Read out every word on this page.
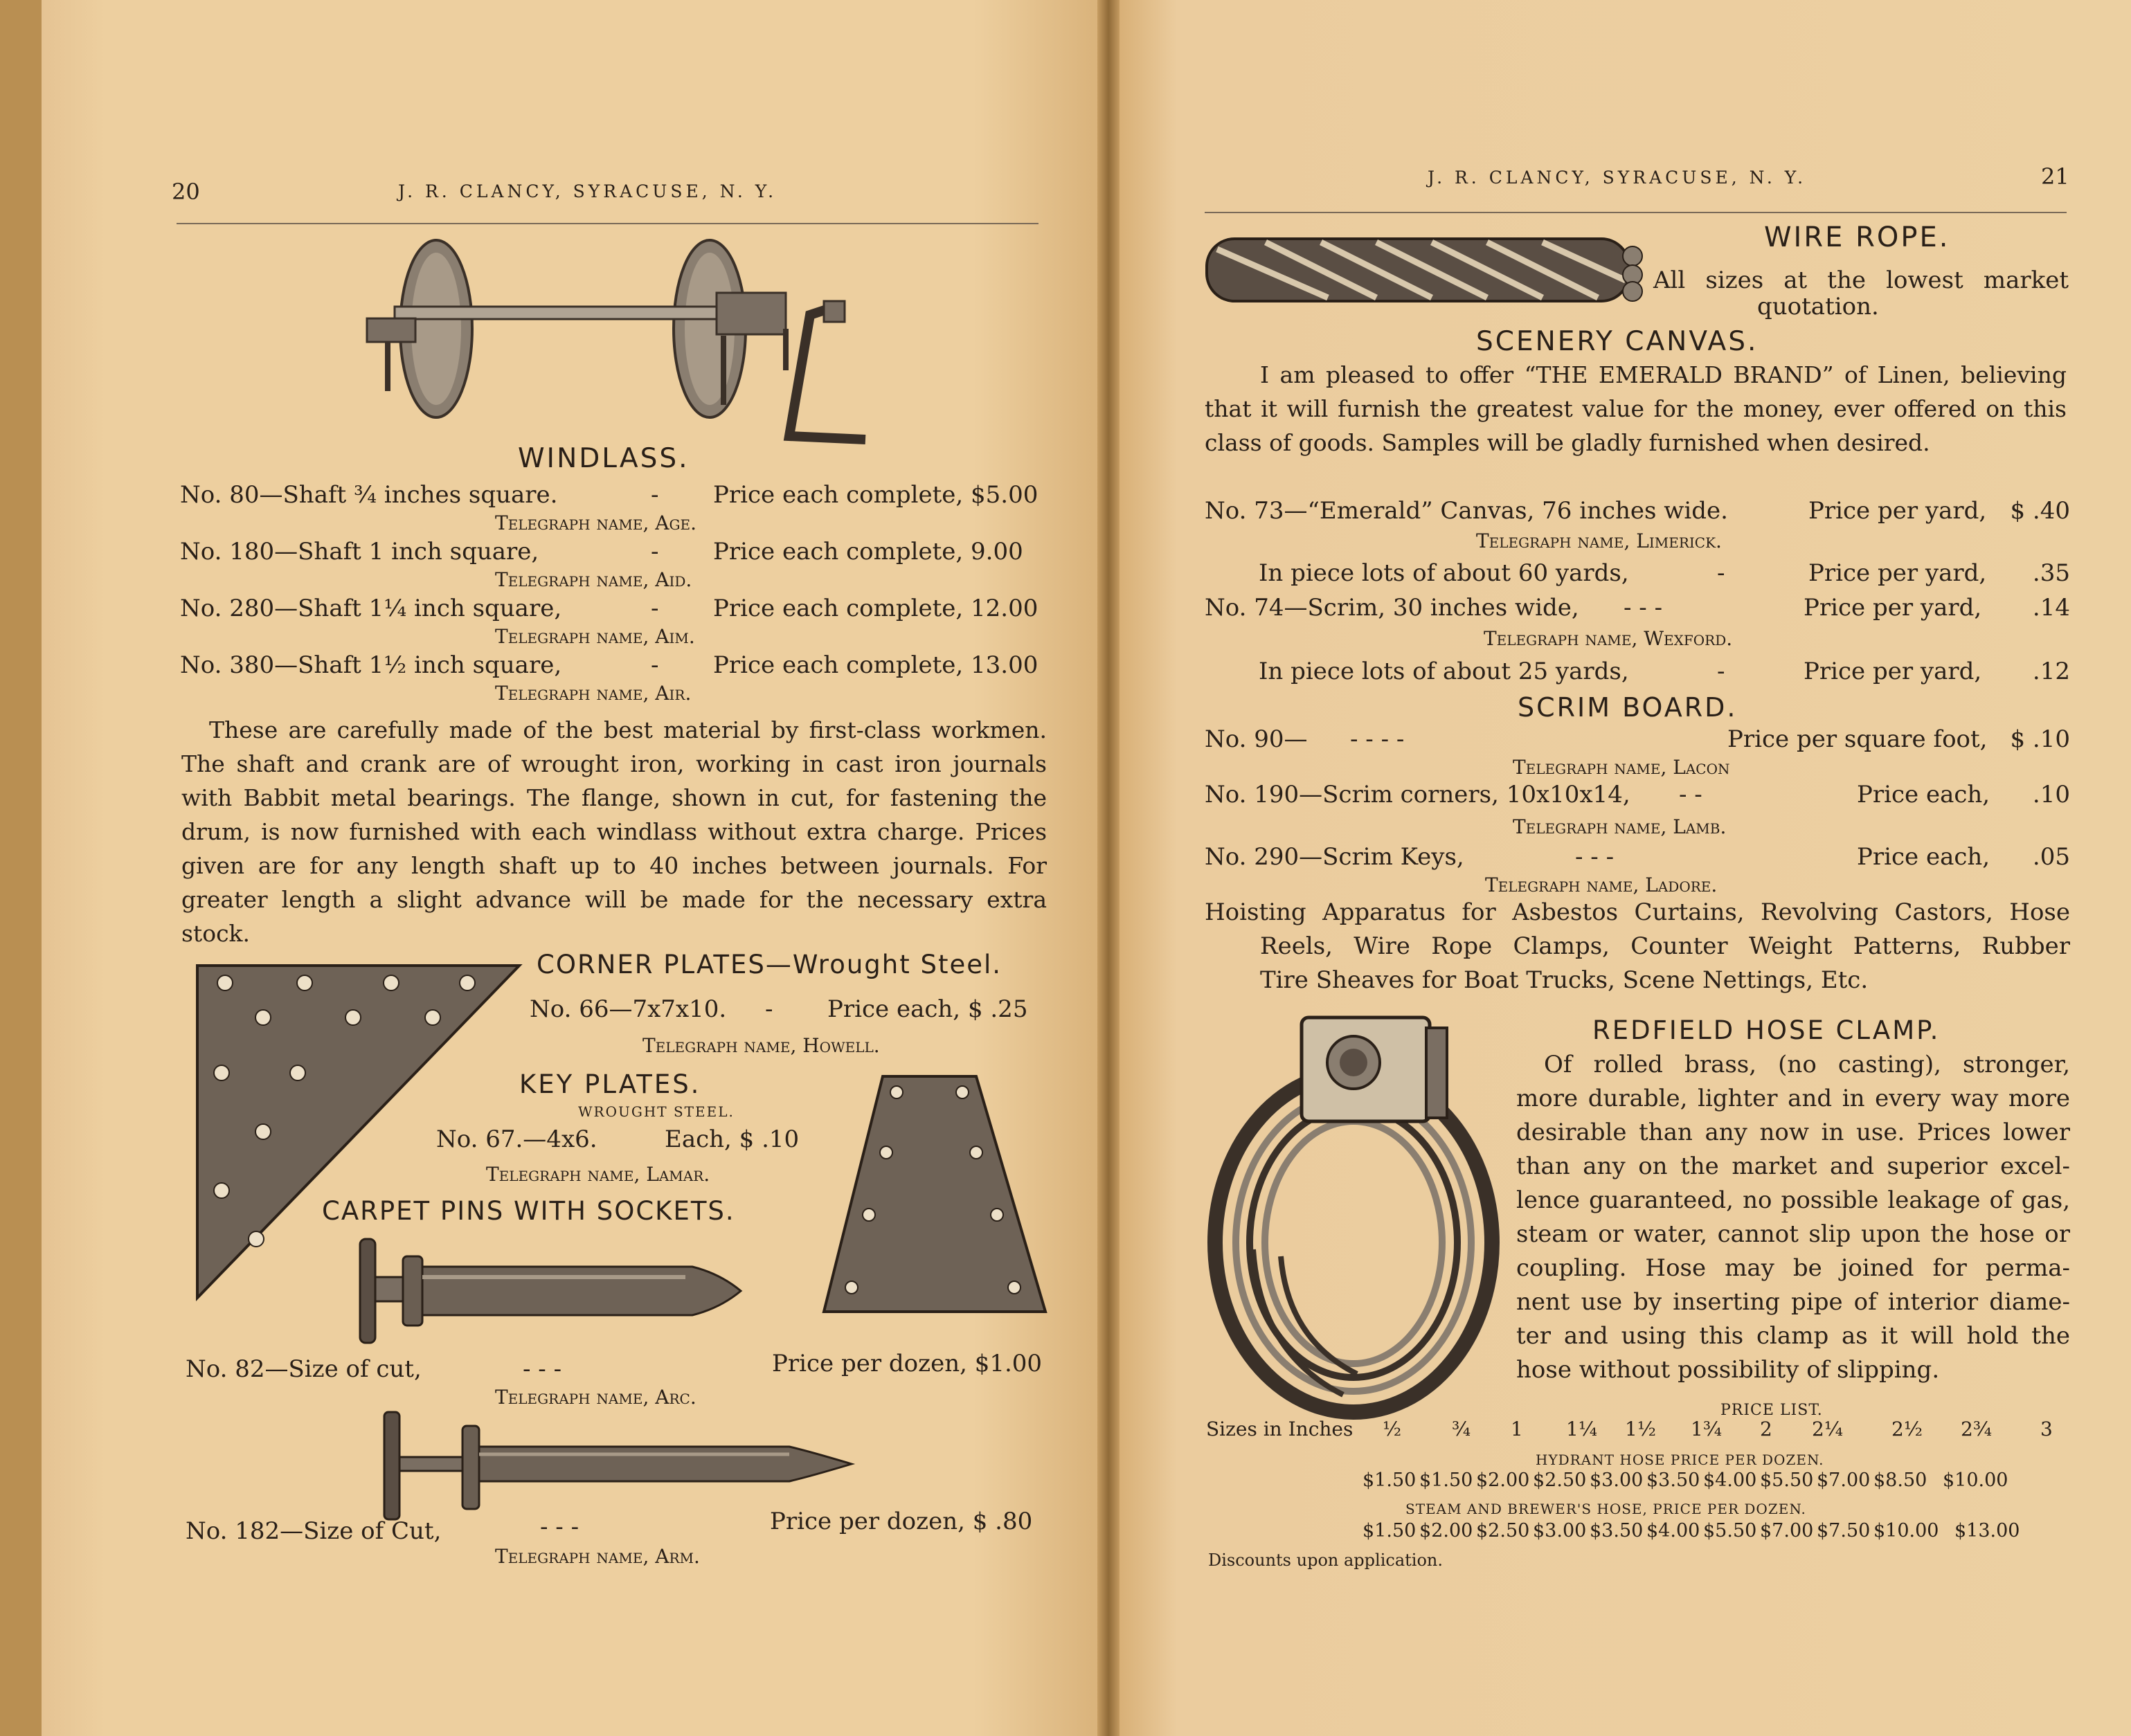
20	J. R. CLANCY, SYRACUSE, N. Y.
WINDLASS.
No. 80—Shaft ¾ inches square.	- Price each complete, $5.00
Telegraph name, Age.
No. 180—Shaft 1 inch square,	- Price each complete, 9.00
Telegraph name, Aid.
No. 280—Shaft 1¼ inch square,	- Price each complete, 12.00
Telegraph name, Aim.
No. 380—Shaft 1½ inch square,	- Price each complete, 13.00
Telegraph name, Air.
These are carefully made of the best material by first-class workmen. The shaft and crank are of wrought iron, working in cast iron journals with Babbit metal bearings. The flange, shown in cut, for fastening the drum, is now furnished with each windlass without extra charge. Prices given are for any length shaft up to 40 inches between journals. For greater length a slight advance will be made for the necessary extra stock.
CORNER PLATES—Wrought Steel.
No. 66—7x7x10. - Price each, $ .25
Telegraph name, Howell.
KEY PLATES.
WROUGHT STEEL.
No. 67.—4x6.	Each, $ .10
Telegraph name, Lamar.
CARPET PINS WITH SOCKETS.
No. 82—Size of cut,	- - -	Price per dozen, $1.00
Telegraph name, Arc.
No. 182—Size of Cut,	- - -	Price per dozen, $ .80
Telegraph name, Arm.
J. R. CLANCY, SYRACUSE, N. Y.	21
WIRE ROPE.
All sizes at the lowest market
quotation.
SCENERY CANVAS.
I am pleased to offer “THE EMERALD BRAND” of Linen, believing that it will furnish the greatest value for the money, ever offered on this class of goods. Samples will be gladly furnished when desired.
No. 73—“Emerald” Canvas, 76 inches wide.	Price per yard,	$ .40
Telegraph name, Limerick.
In piece lots of about 60 yards,	-	Price per yard,	.35
No. 74—Scrim, 30 inches wide, - - -	Price per yard,	.14
Telegraph name, Wexford.
In piece lots of about 25 yards,	-	Price per yard,	.12
SCRIM BOARD.
No. 90— - - - -	Price per square foot, $ .10
Telegraph name, Lacon
No. 190—Scrim corners, 10x10x14, - -	Price each,	.10
Telegraph name, Lamb.
No. 290—Scrim Keys,	- - -	Price each,	.05
Telegraph name, Ladore.
Hoisting Apparatus for Asbestos Curtains, Revolving Castors, Hose
Reels, Wire Rope Clamps, Counter Weight Patterns, Rubber
Tire Sheaves for Boat Trucks, Scene Nettings, Etc.
REDFIELD HOSE CLAMP.
Of rolled brass, (no casting), stronger,
more durable, lighter and in every way more
desirable than any now in use. Prices lower
than any on the market and superior excel-
lence guaranteed, no possible leakage of gas,
steam or water, cannot slip upon the hose or
coupling. Hose may be joined for perma-
nent use by inserting pipe of interior diame-
ter and using this clamp as it will hold the
hose without possibility of slipping.
PRICE LIST.
Sizes in Inches ½	¾ 1 1¼ 1½ 1¾ 2 2¼	2½ 2¾	3
HYDRANT HOSE PRICE PER DOZEN.
$1.50 $1.50 $2.00 $2.50 $3.00 $3.50 $4.00 $5.50 $7.00 $8.50 $10.00
STEAM AND BREWER'S HOSE, PRICE PER DOZEN.
$1.50 $2.00 $2.50 $3.00 $3.50 $4.00 $5.50 $7.00 $7.50 $10.00 $13.00
Discounts upon application.
